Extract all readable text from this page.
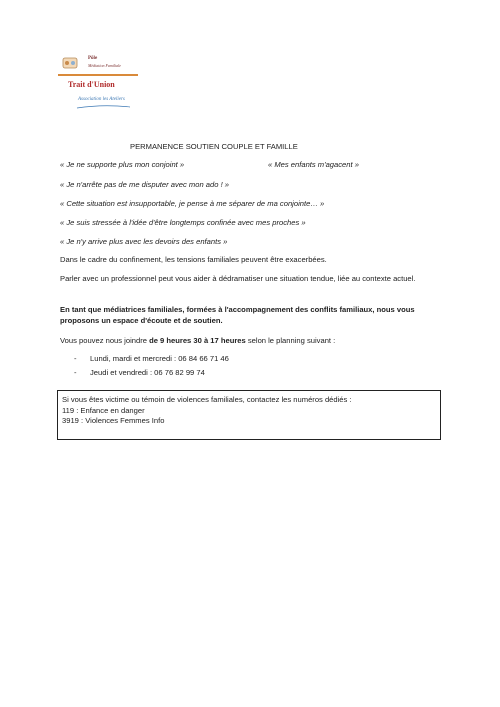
Pôle
Médiation Familiale
Trait d'Union
Association les Ateliers
PERMANENCE SOUTIEN COUPLE ET FAMILLE
« Je ne supporte plus mon conjoint »	« Mes enfants m'agacent »
« Je n'arrête pas de me disputer avec mon ado ! »
« Cette situation est insupportable, je pense à me séparer de ma conjointe… »
« Je suis stressée à l'idée d'être longtemps confinée avec mes proches »
« Je n'y arrive plus avec les devoirs des enfants »
Dans le cadre du confinement, les tensions familiales peuvent être exacerbées.
Parler avec un professionnel peut vous aider à dédramatiser une situation tendue, liée au contexte actuel.
En tant que médiatrices familiales, formées à l'accompagnement des conflits familiaux, nous vous proposons un espace d'écoute et de soutien.
Vous pouvez nous joindre de 9 heures 30 à 17 heures selon le planning suivant :
- Lundi, mardi et mercredi : 06 84 66 71 46
- Jeudi et vendredi : 06 76 82 99 74
Si vous êtes victime ou témoin de violences familiales, contactez les numéros dédiés :
119 : Enfance en danger
3919 : Violences Femmes Info
